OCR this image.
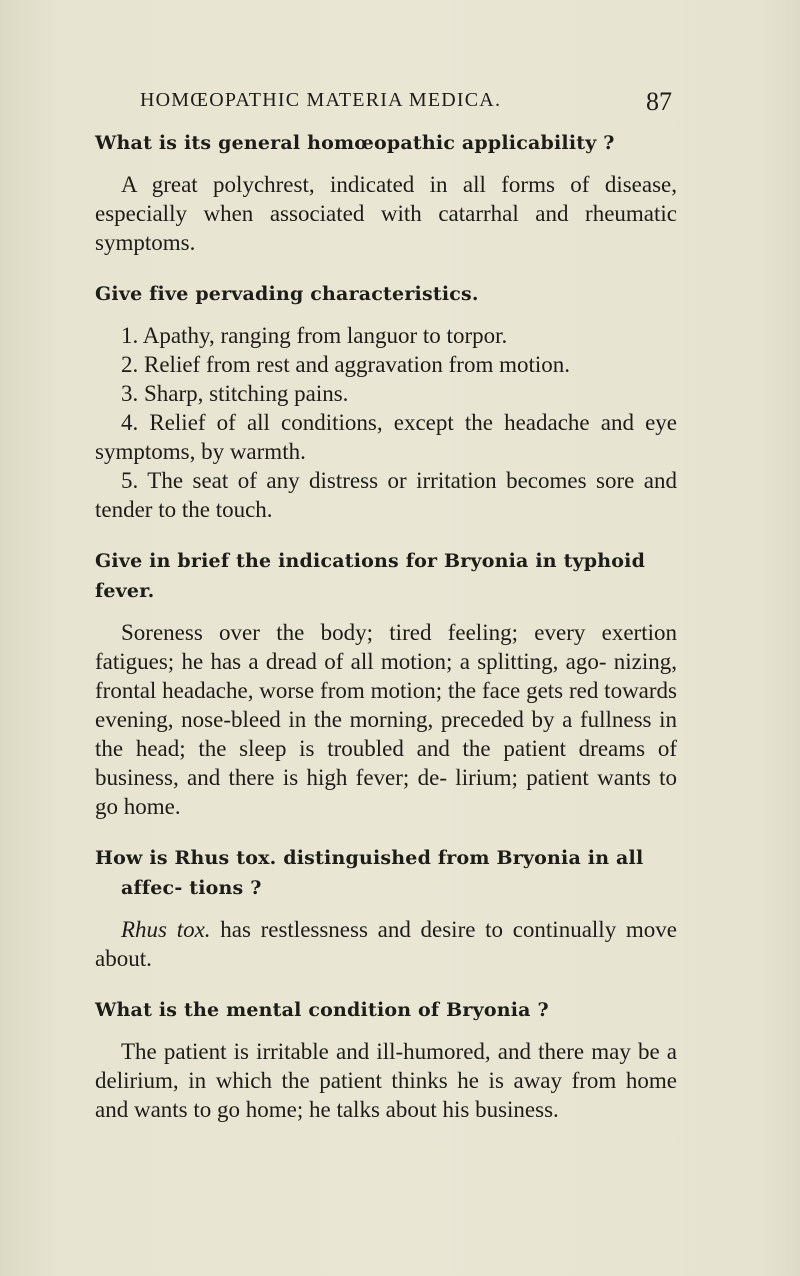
HOMŒOPATHIC MATERIA MEDICA.	87

What is its general homœopathic applicability ?

A great polychrest, indicated in all forms of disease, especially when associated with catarrhal and rheumatic symptoms.

Give five pervading characteristics.

1. Apathy, ranging from languor to torpor.

2. Relief from rest and aggravation from motion.

3. Sharp, stitching pains.

4. Relief of all conditions, except the headache and eye symptoms, by warmth.

5. The seat of any distress or irritation becomes sore and tender to the touch.

Give in brief the indications for Bryonia in typhoid fever.

Soreness over the body; tired feeling; every exertion fatigues; he has a dread of all motion; a splitting, ago- nizing, frontal headache, worse from motion; the face gets red towards evening, nose-bleed in the morning, preceded by a fullness in the head; the sleep is troubled and the patient dreams of business, and there is high fever; de- lirium; patient wants to go home.

How is Rhus tox. distinguished from Bryonia in all affec- tions ?

Rhus tox. has restlessness and desire to continually move about.

What is the mental condition of Bryonia ?

The patient is irritable and ill-humored, and there may be a delirium, in which the patient thinks he is away from home and wants to go home; he talks about his business.
